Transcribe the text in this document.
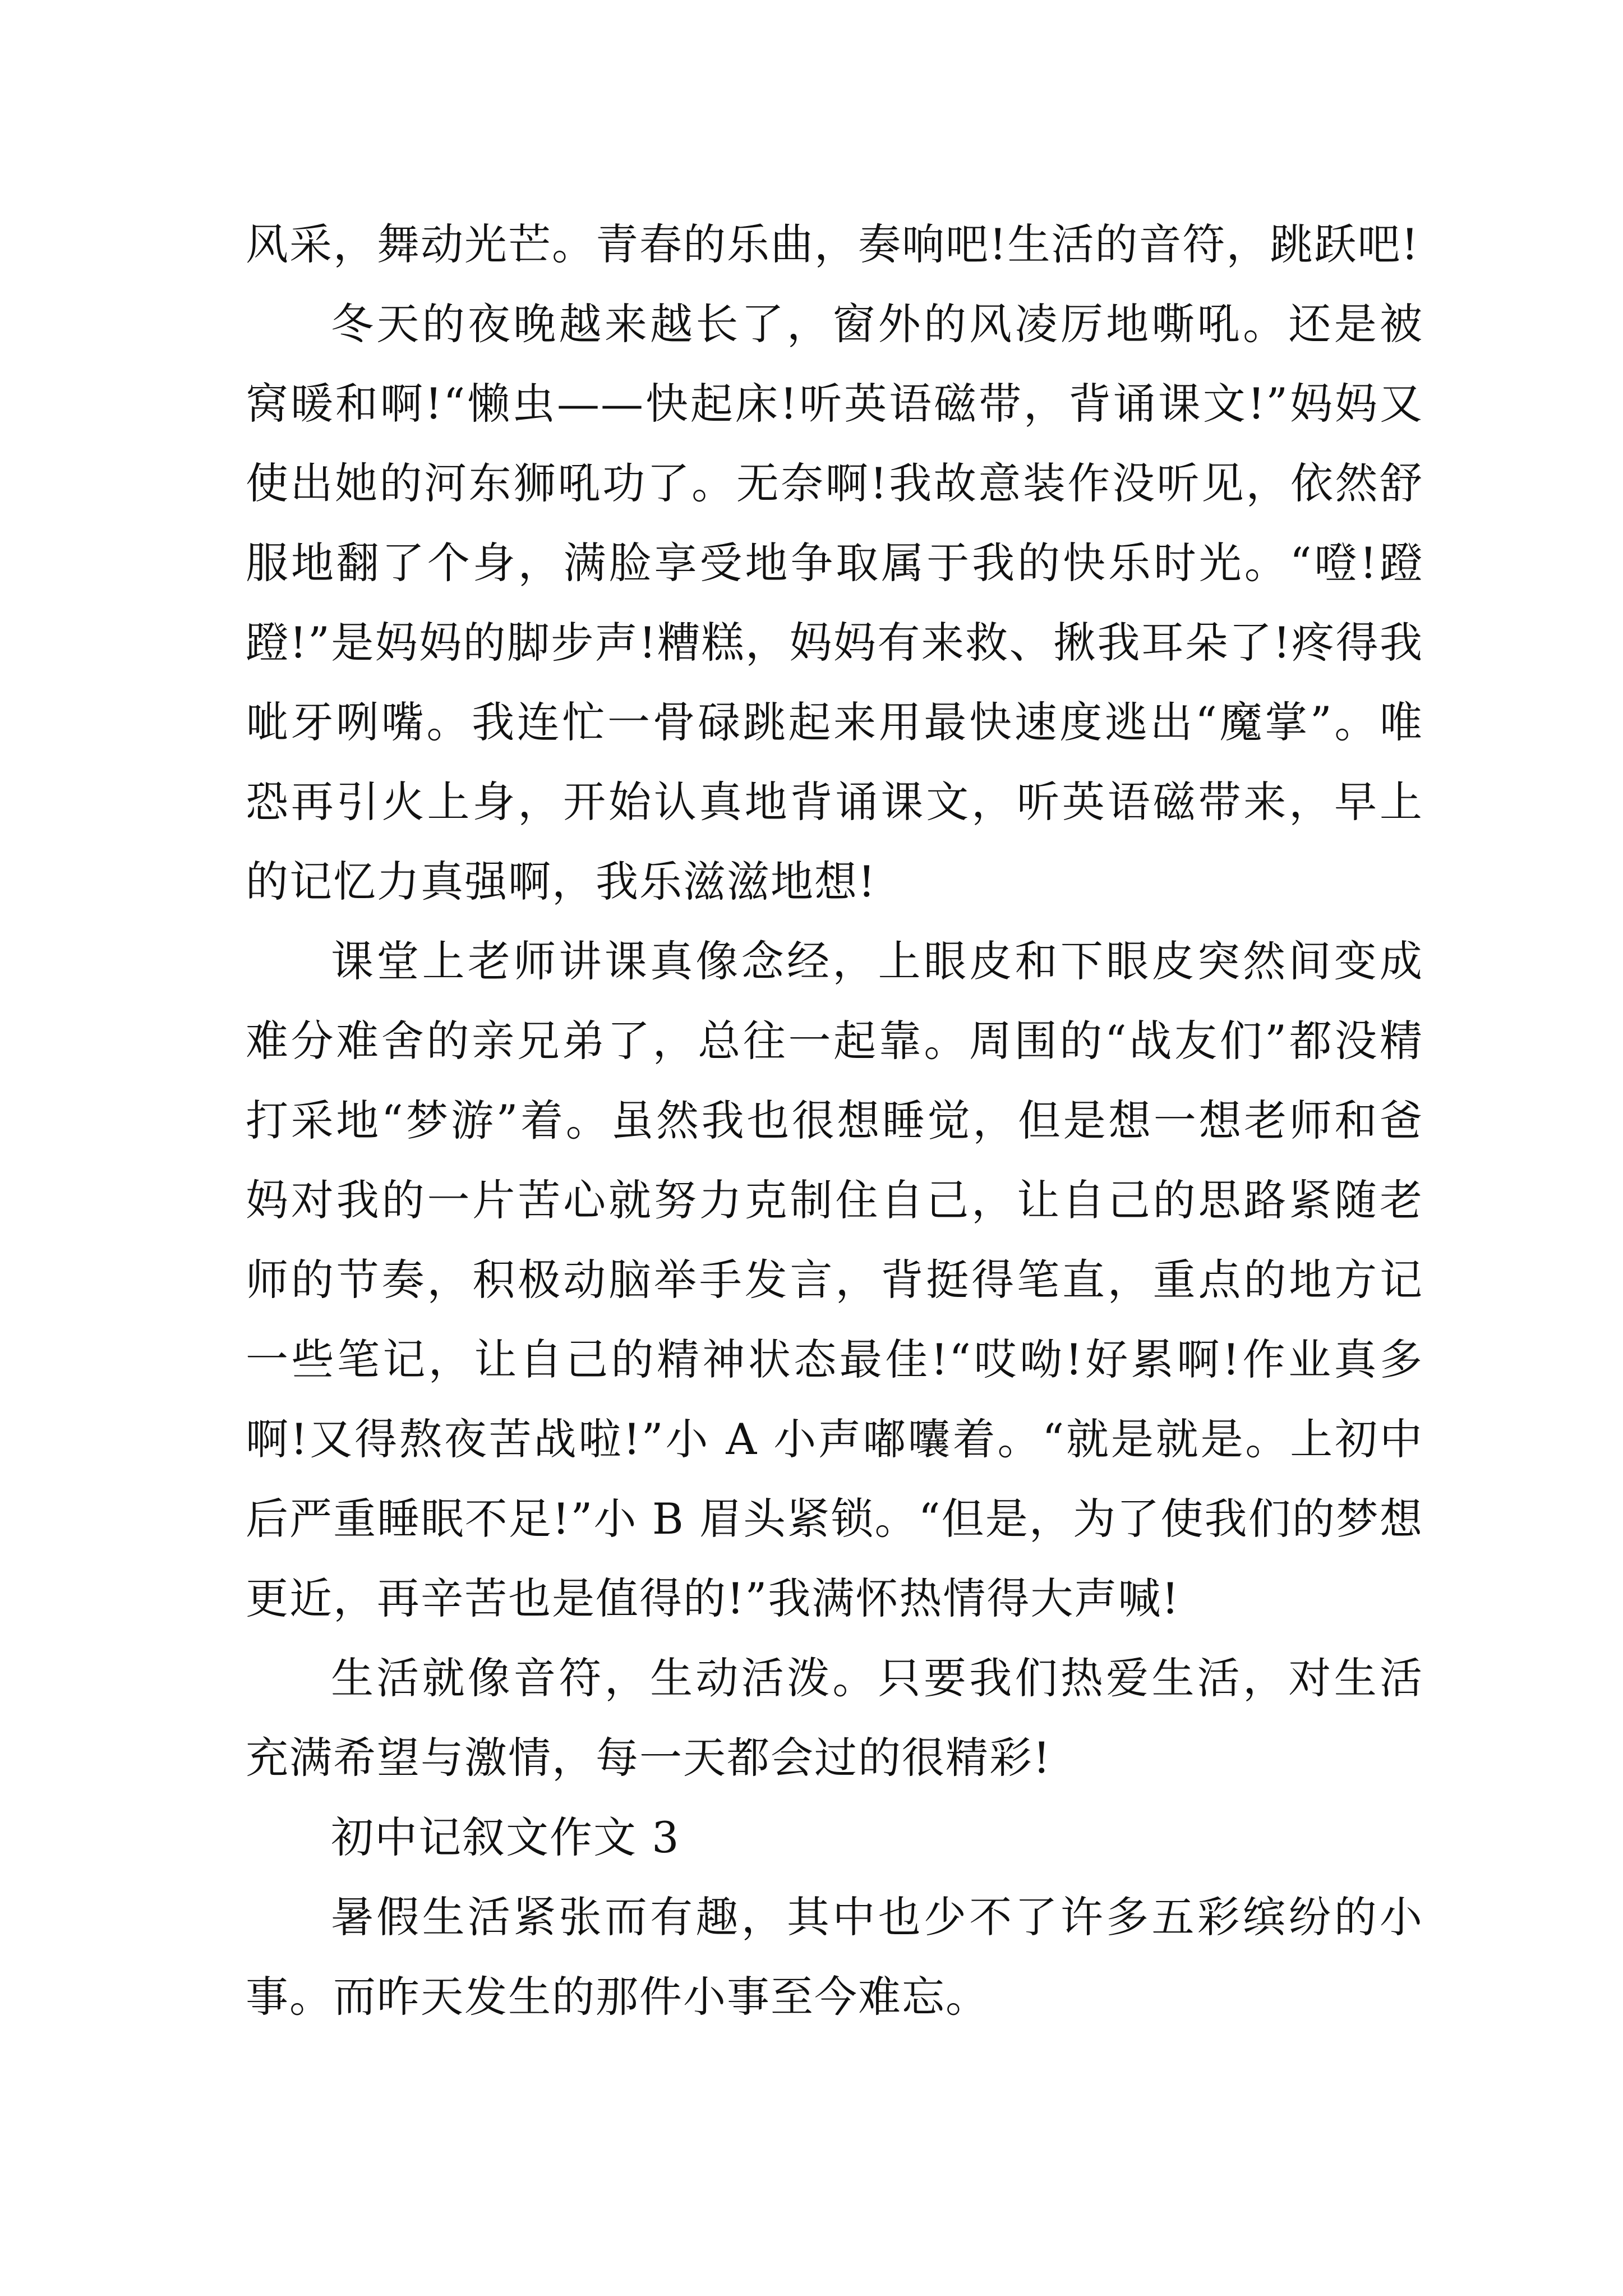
风采，舞动光芒。青春的乐曲，奏响吧!生活的音符，跳跃吧!

冬天的夜晚越来越长了，窗外的风凌厉地嘶吼。还是被窝暖和啊!“懒虫——快起床!听英语磁带，背诵课文!”妈妈又使出她的河东狮吼功了。无奈啊!我故意装作没听见，依然舒服地翻了个身，满脸享受地争取属于我的快乐时光。“噔!蹬蹬!”是妈妈的脚步声!糟糕，妈妈有来救、揪我耳朵了!疼得我呲牙咧嘴。我连忙一骨碌跳起来用最快速度逃出“魔掌”。唯恐再引火上身，开始认真地背诵课文，听英语磁带来，早上的记忆力真强啊，我乐滋滋地想!

课堂上老师讲课真像念经，上眼皮和下眼皮突然间变成难分难舍的亲兄弟了，总往一起靠。周围的“战友们”都没精打采地“梦游”着。虽然我也很想睡觉，但是想一想老师和爸妈对我的一片苦心就努力克制住自己，让自己的思路紧随老师的节奏，积极动脑举手发言，背挺得笔直，重点的地方记一些笔记，让自己的精神状态最佳!“哎呦!好累啊!作业真多啊!又得熬夜苦战啦!”小 A 小声嘟囔着。“就是就是。上初中后严重睡眠不足!”小 B 眉头紧锁。“但是，为了使我们的梦想更近，再辛苦也是值得的!”我满怀热情得大声喊!

生活就像音符，生动活泼。只要我们热爱生活，对生活充满希望与激情，每一天都会过的很精彩!

初中记叙文作文 3

暑假生活紧张而有趣，其中也少不了许多五彩缤纷的小事。而昨天发生的那件小事至今难忘。
